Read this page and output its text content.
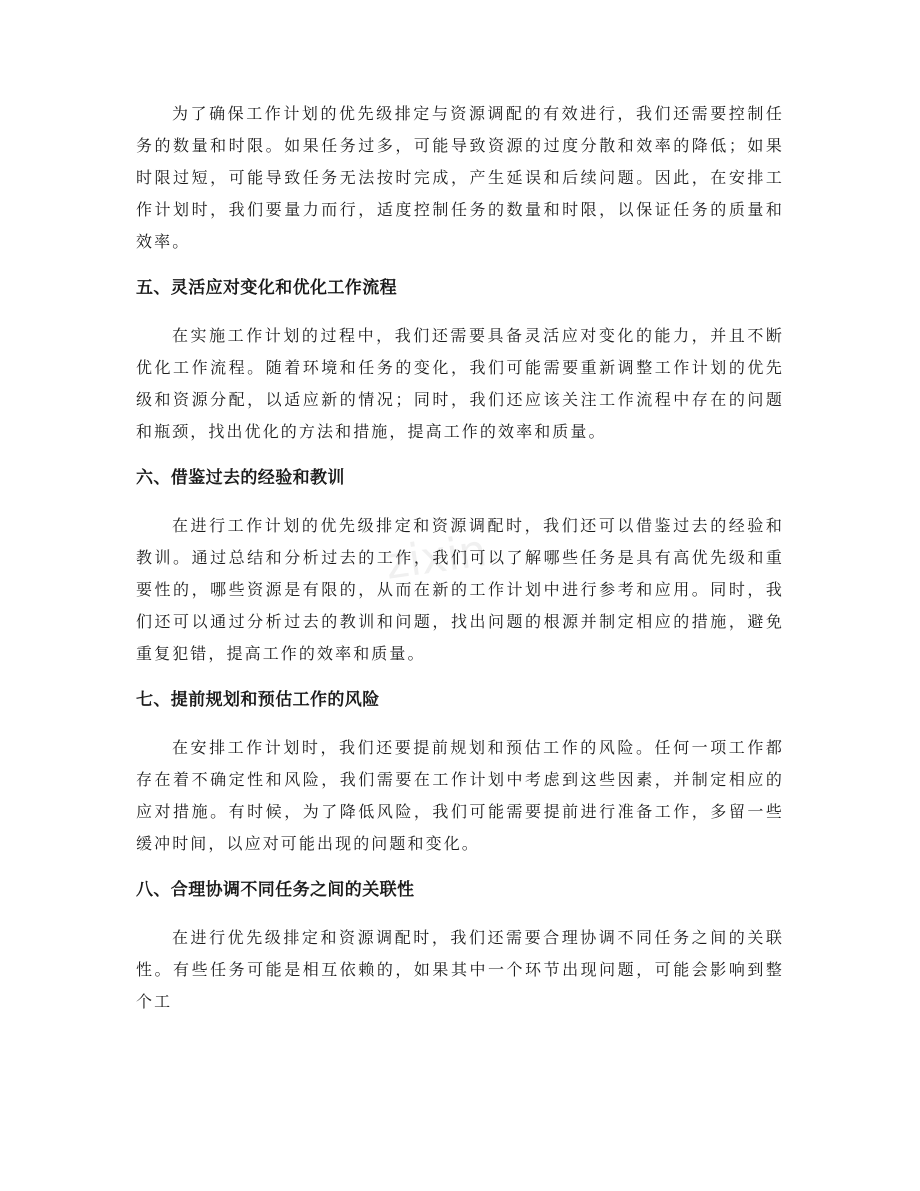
zixin

为了确保工作计划的优先级排定与资源调配的有效进行，我们还需要控制任务的数量和时限。如果任务过多，可能导致资源的过度分散和效率的降低；如果时限过短，可能导致任务无法按时完成，产生延误和后续问题。因此，在安排工作计划时，我们要量力而行，适度控制任务的数量和时限，以保证任务的质量和效率。

五、灵活应对变化和优化工作流程

在实施工作计划的过程中，我们还需要具备灵活应对变化的能力，并且不断优化工作流程。随着环境和任务的变化，我们可能需要重新调整工作计划的优先级和资源分配，以适应新的情况；同时，我们还应该关注工作流程中存在的问题和瓶颈，找出优化的方法和措施，提高工作的效率和质量。

六、借鉴过去的经验和教训

在进行工作计划的优先级排定和资源调配时，我们还可以借鉴过去的经验和教训。通过总结和分析过去的工作，我们可以了解哪些任务是具有高优先级和重要性的，哪些资源是有限的，从而在新的工作计划中进行参考和应用。同时，我们还可以通过分析过去的教训和问题，找出问题的根源并制定相应的措施，避免重复犯错，提高工作的效率和质量。

七、提前规划和预估工作的风险

在安排工作计划时，我们还要提前规划和预估工作的风险。任何一项工作都存在着不确定性和风险，我们需要在工作计划中考虑到这些因素，并制定相应的应对措施。有时候，为了降低风险，我们可能需要提前进行准备工作，多留一些缓冲时间，以应对可能出现的问题和变化。

八、合理协调不同任务之间的关联性

在进行优先级排定和资源调配时，我们还需要合理协调不同任务之间的关联性。有些任务可能是相互依赖的，如果其中一个环节出现问题，可能会影响到整个工
